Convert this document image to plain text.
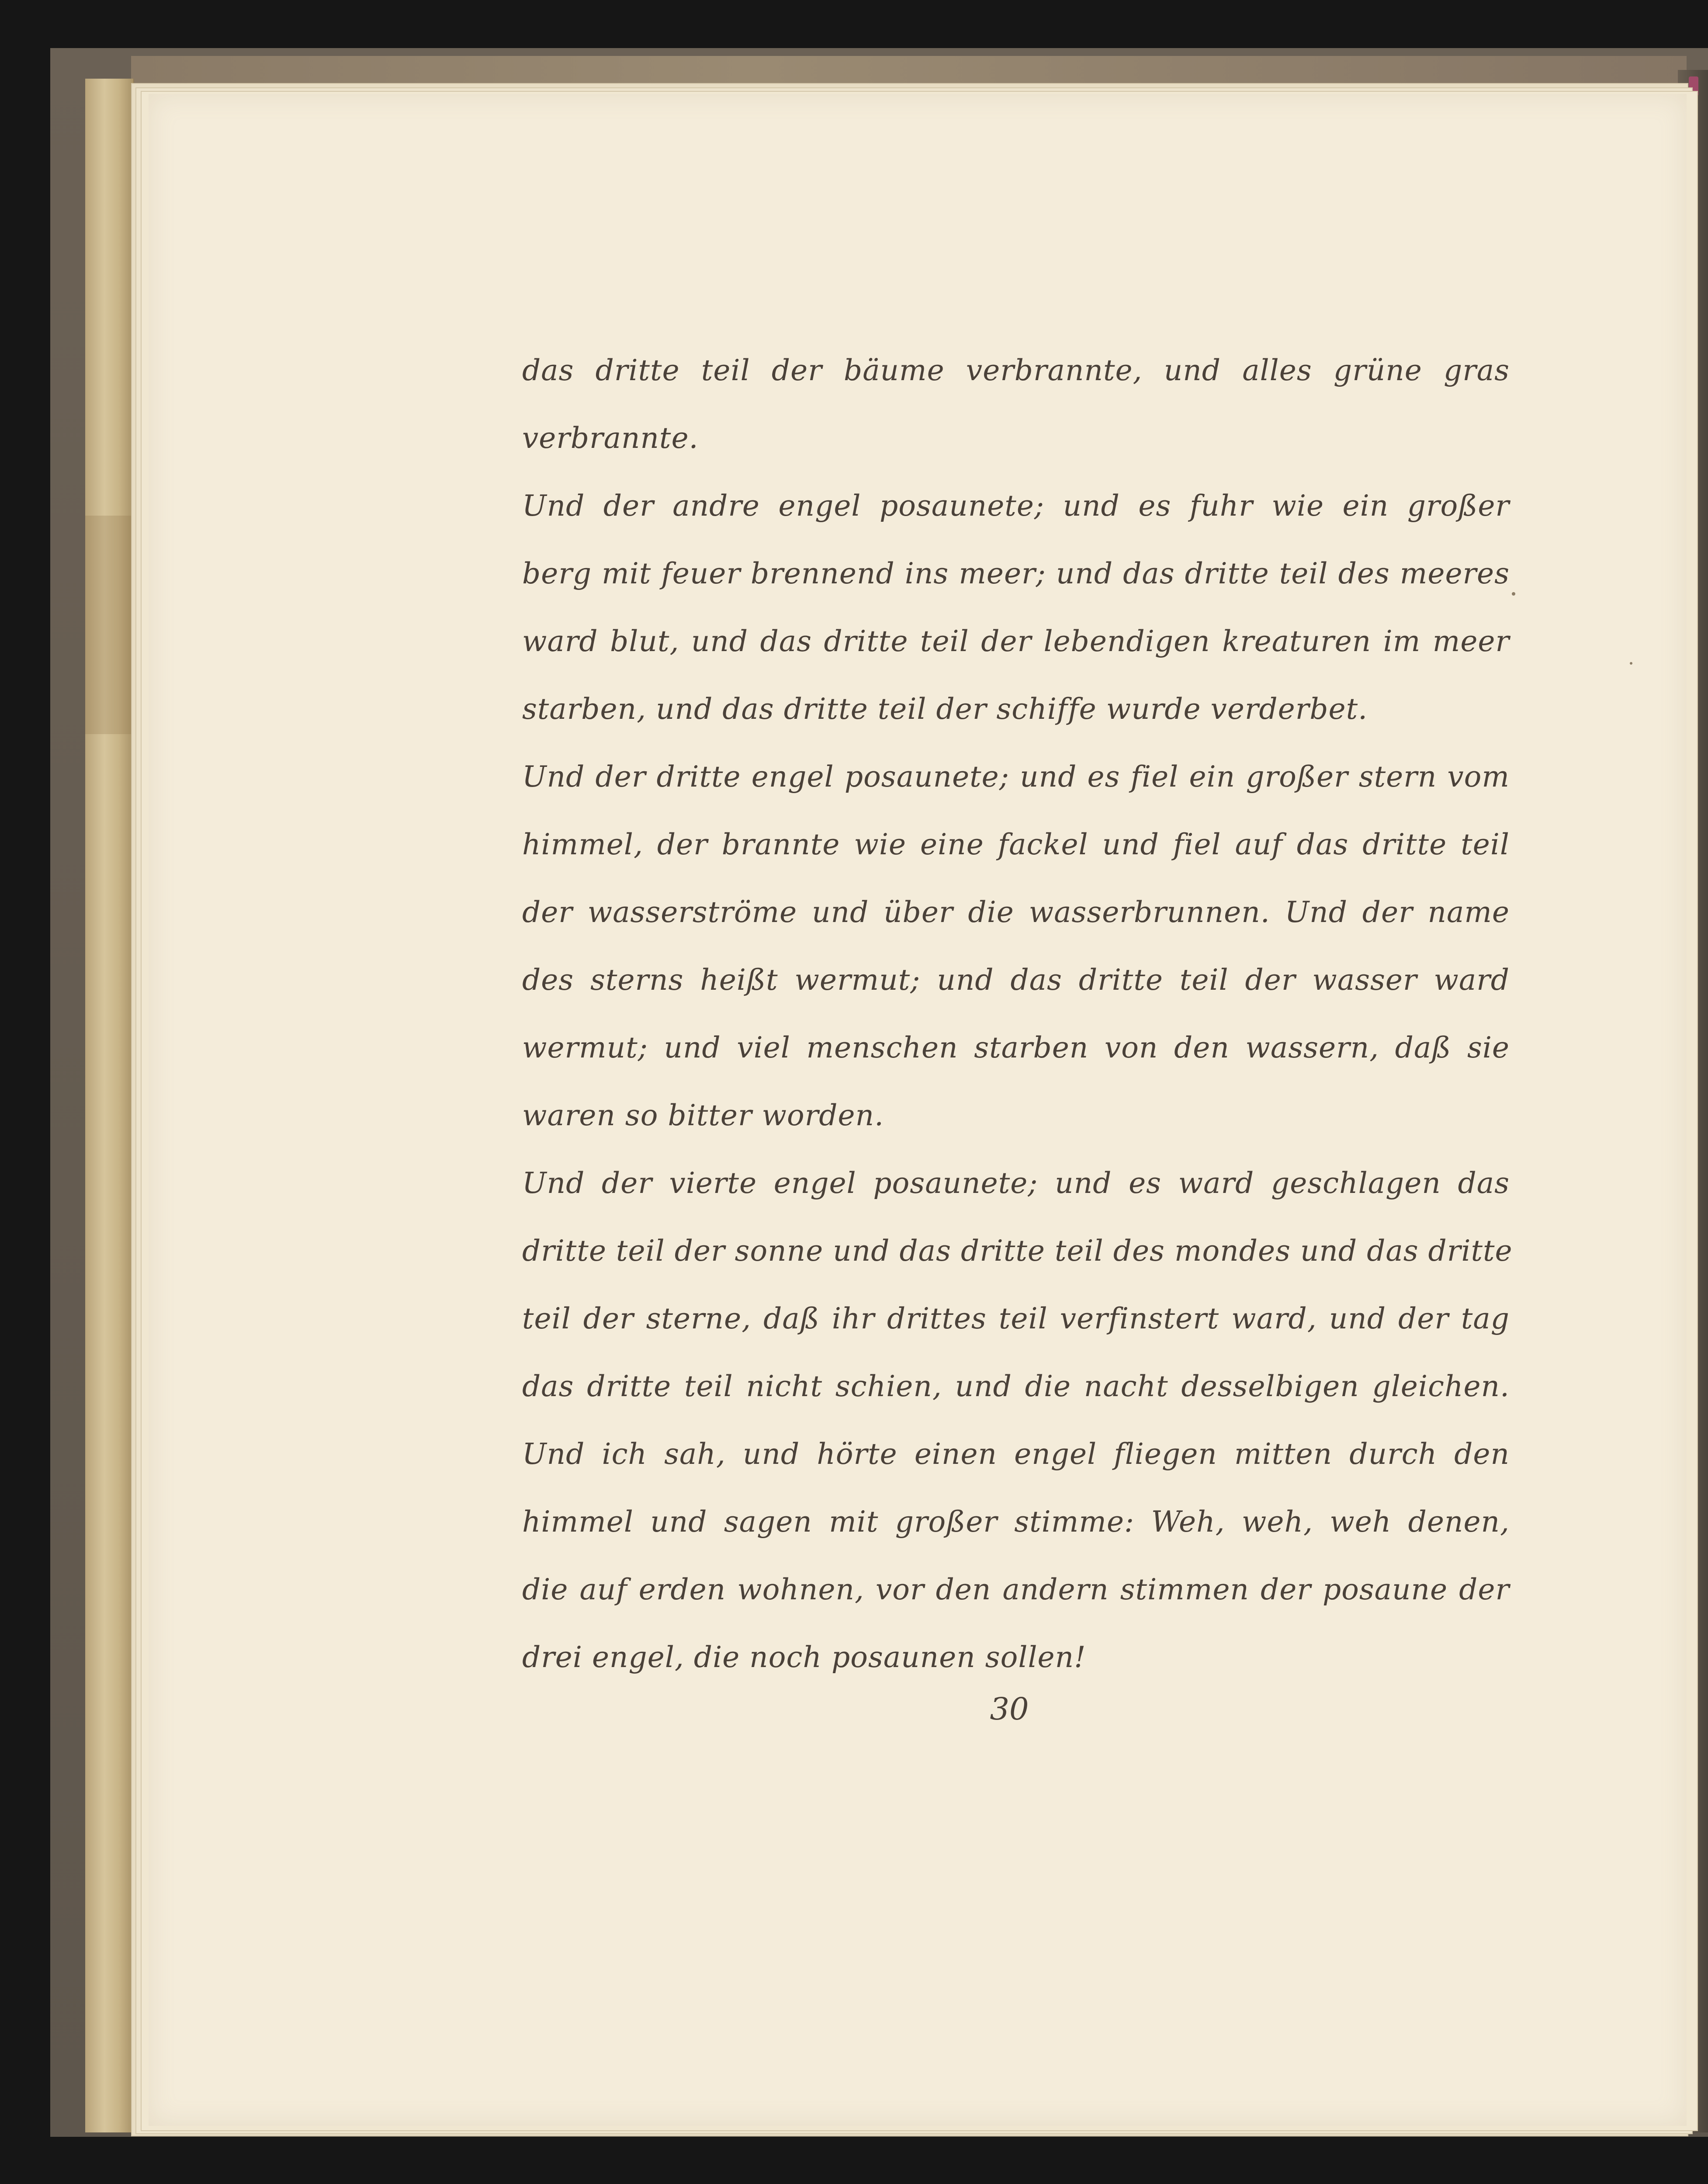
das dritte teil der bäume verbrannte, und alles grüne gras

verbrannte.

Und der andre engel posaunete; und es fuhr wie ein großer

berg mit feuer brennend ins meer; und das dritte teil des meeres

ward blut, und das dritte teil der lebendigen kreaturen im meer

starben, und das dritte teil der schiffe wurde verderbet.

Und der dritte engel posaunete; und es fiel ein großer stern vom

himmel, der brannte wie eine fackel und fiel auf das dritte teil

der wasserströme und über die wasserbrunnen. Und der name

des sterns heißt wermut; und das dritte teil der wasser ward

wermut; und viel menschen starben von den wassern, daß sie

waren so bitter worden.

Und der vierte engel posaunete; und es ward geschlagen das

dritte teil der sonne und das dritte teil des mondes und das dritte

teil der sterne, daß ihr drittes teil verfinstert ward, und der tag

das dritte teil nicht schien, und die nacht desselbigen gleichen.

Und ich sah, und hörte einen engel fliegen mitten durch den

himmel und sagen mit großer stimme: Weh, weh, weh denen,

die auf erden wohnen, vor den andern stimmen der posaune der

drei engel, die noch posaunen sollen!

30
